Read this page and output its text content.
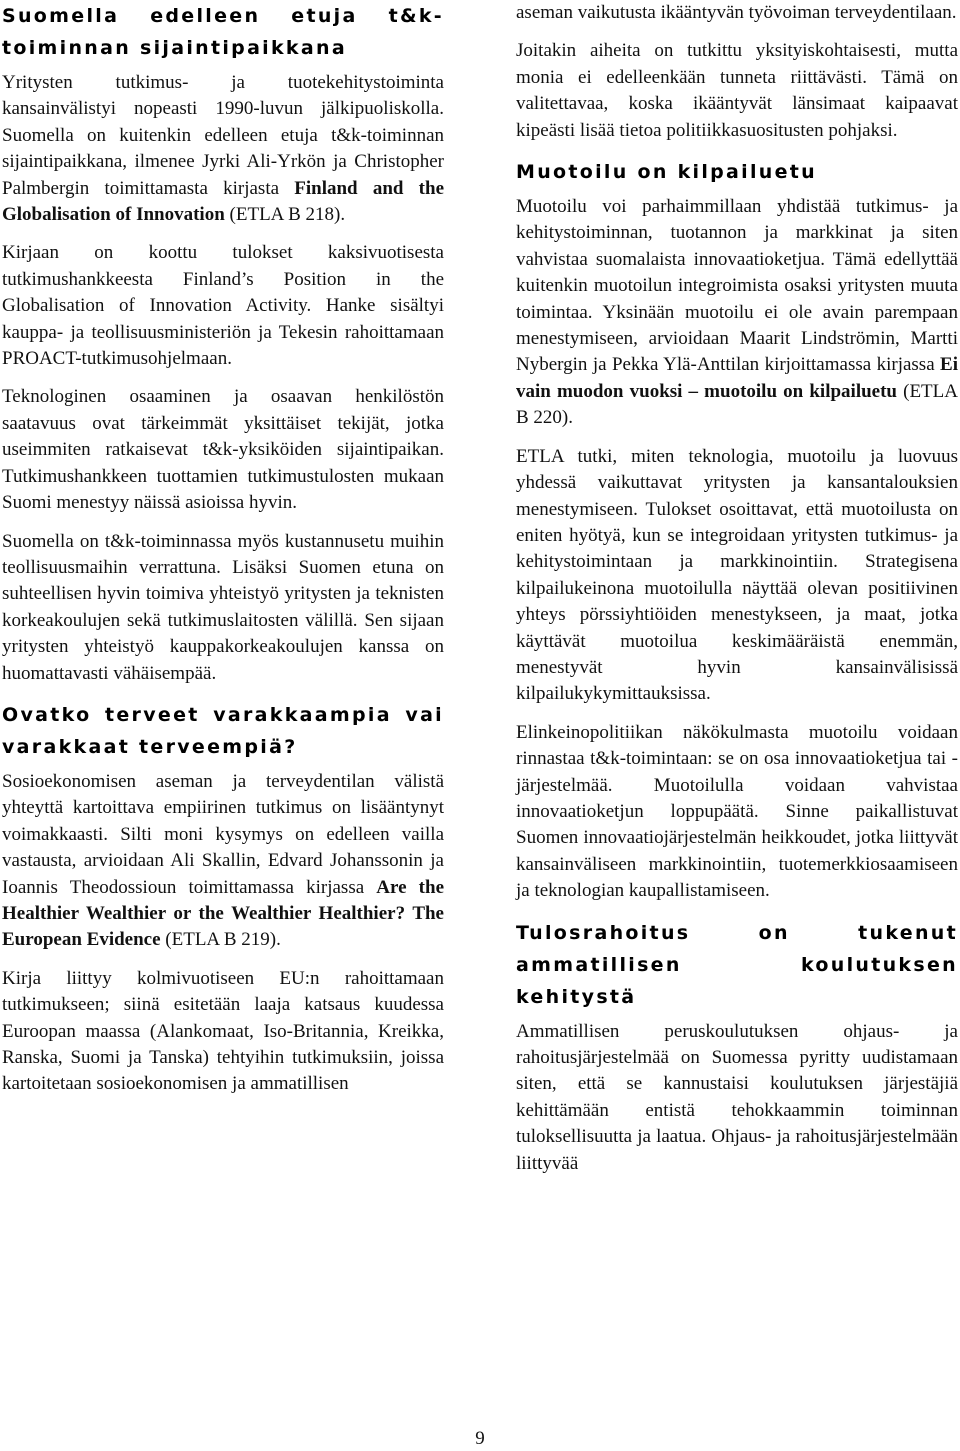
Suomella edelleen etuja t&k-toiminnan sijaintipaikkana

Yritysten tutkimus- ja tuotekehitystoiminta kansainvälistyi nopeasti 1990-luvun jälkipuoliskolla. Suomella on kuitenkin edelleen etuja t&k-toiminnan sijaintipaikkana, ilmenee Jyrki Ali-Yrkön ja Christopher Palmbergin toimittamasta kirjasta Finland and the Globalisation of Innovation (ETLA B 218).

Kirjaan on koottu tulokset kaksivuotisesta tutkimushankkeesta Finland’s Position in the Globalisation of Innovation Activity. Hanke sisältyi kauppa- ja teollisuusministeriön ja Tekesin rahoittamaan PROACT-tutkimusohjelmaan.

Teknologinen osaaminen ja osaavan henkilöstön saatavuus ovat tärkeimmät yksittäiset tekijät, jotka useimmiten ratkaisevat t&k-yksiköiden sijaintipaikan. Tutkimushankkeen tuottamien tutkimustulosten mukaan Suomi menestyy näissä asioissa hyvin.

Suomella on t&k-toiminnassa myös kustannusetu muihin teollisuusmaihin verrattuna. Lisäksi Suomen etuna on suhteellisen hyvin toimiva yhteistyö yritysten ja teknisten korkeakoulujen sekä tutkimuslaitosten välillä. Sen sijaan yritysten yhteistyö kauppakorkeakoulujen kanssa on huomattavasti vähäisempää.

Ovatko terveet varakkaampia vai varakkaat terveempiä?

Sosioekonomisen aseman ja terveydentilan välistä yhteyttä kartoittava empiirinen tutkimus on lisääntynyt voimakkaasti. Silti moni kysymys on edelleen vailla vastausta, arvioidaan Ali Skallin, Edvard Johanssonin ja Ioannis Theodossioun toimittamassa kirjassa Are the Healthier Wealthier or the Wealthier Healthier? The European Evidence (ETLA B 219).

Kirja liittyy kolmivuotiseen EU:n rahoittamaan tutkimukseen; siinä esitetään laaja katsaus kuudessa Euroopan maassa (Alankomaat, Iso-Britannia, Kreikka, Ranska, Suomi ja Tanska) tehtyihin tutkimuksiin, joissa kartoitetaan sosioekonomisen ja ammatillisen

aseman vaikutusta ikääntyvän työvoiman terveydentilaan.

Joitakin aiheita on tutkittu yksityiskohtaisesti, mutta monia ei edelleenkään tunneta riittävästi. Tämä on valitettavaa, koska ikääntyvät länsimaat kaipaavat kipeästi lisää tietoa politiikkasuositusten pohjaksi.

Muotoilu on kilpailuetu

Muotoilu voi parhaimmillaan yhdistää tutkimus- ja kehitystoiminnan, tuotannon ja markkinat ja siten vahvistaa suomalaista innovaatioketjua. Tämä edellyttää kuitenkin muotoilun integroimista osaksi yritysten muuta toimintaa. Yksinään muotoilu ei ole avain parempaan menestymiseen, arvioidaan Maarit Lindströmin, Martti Nybergin ja Pekka Ylä-Anttilan kirjoittamassa kirjassa Ei vain muodon vuoksi – muotoilu on kilpailuetu (ETLA B 220).

ETLA tutki, miten teknologia, muotoilu ja luovuus yhdessä vaikuttavat yritysten ja kansantalouksien menestymiseen. Tulokset osoittavat, että muotoilusta on eniten hyötyä, kun se integroidaan yritysten tutkimus- ja kehitystoimintaan ja markkinointiin. Strategisena kilpailukeinona muotoilulla näyttää olevan positiivinen yhteys pörssiyhtiöiden menestykseen, ja maat, jotka käyttävät muotoilua keskimääräistä enemmän, menestyvät hyvin kansainvälisissä kilpailukykymittauksissa.

Elinkeinopolitiikan näkökulmasta muotoilu voidaan rinnastaa t&k-toimintaan: se on osa innovaatioketjua tai -järjestelmää. Muotoilulla voidaan vahvistaa innovaatioketjun loppupäätä. Sinne paikallistuvat Suomen innovaatiojärjestelmän heikkoudet, jotka liittyvät kansainväliseen markkinointiin, tuotemerkkiosaamiseen ja teknologian kaupallistamiseen.

Tulosrahoitus on tukenut ammatillisen koulutuksen kehitystä

Ammatillisen peruskoulutuksen ohjaus- ja rahoitusjärjestelmää on Suomessa pyritty uudistamaan siten, että se kannustaisi koulutuksen järjestäjiä kehittämään entistä tehokkaammin toiminnan tuloksellisuutta ja laatua. Ohjaus- ja rahoitusjärjestelmään liittyvää

9
